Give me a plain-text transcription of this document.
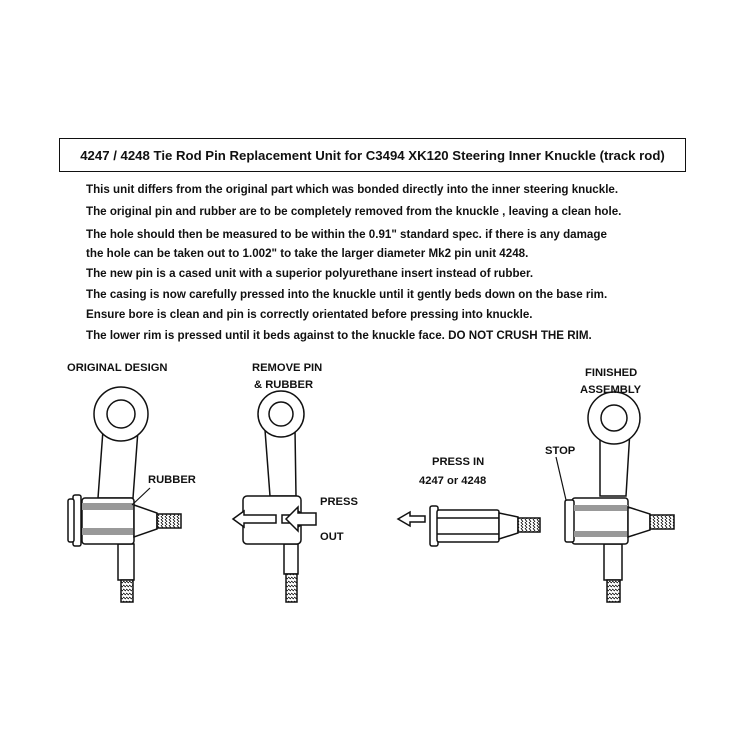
4247 / 4248 Tie Rod Pin Replacement Unit for C3494 XK120 Steering Inner Knuckle (track rod)
This unit differs from the original part which was bonded directly into the inner steering knuckle.
The original pin and rubber are to be completely removed from the knuckle , leaving a clean hole.
The hole should then be measured to be within the 0.91" standard spec. if there is any damage
the hole can be taken out to 1.002" to take the larger diameter Mk2 pin unit 4248.
The new pin is a cased unit with a superior polyurethane insert instead of rubber.
The casing is now carefully pressed into the knuckle until it gently beds down on the base rim.
Ensure bore is clean and pin is correctly orientated before pressing into knuckle.
The lower rim is pressed until it beds against to the knuckle face. DO NOT CRUSH THE RIM.
ORIGINAL DESIGN
RUBBER
REMOVE PIN
& RUBBER
PRESS
OUT
PRESS IN
4247 or 4248
STOP
FINISHED
ASSEMBLY
